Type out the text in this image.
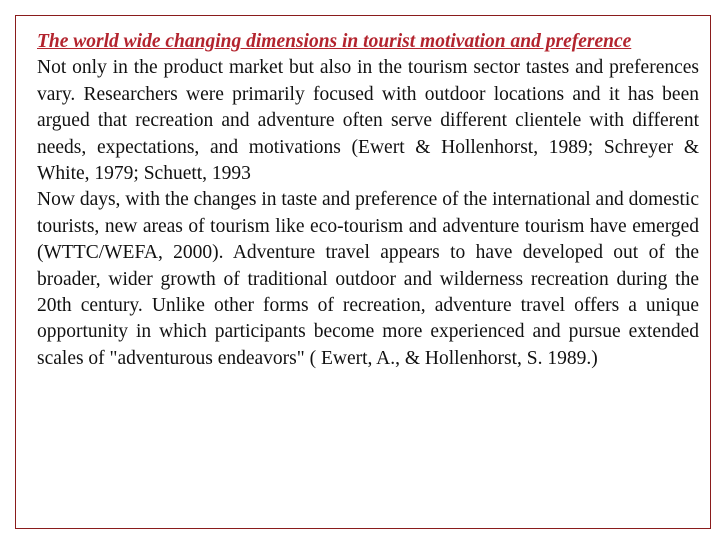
The world wide changing dimensions in tourist motivation and preference

Not only in the product market but also in the tourism sector tastes and preferences vary. Researchers were primarily focused with outdoor locations and it has been argued that recreation and adventure often serve different clientele with different needs, expectations, and motivations (Ewert & Hollenhorst, 1989; Schreyer & White, 1979; Schuett, 1993

Now days, with the changes in taste and preference of the international and domestic tourists, new areas of tourism like eco-tourism and adventure tourism have emerged (WTTC/WEFA, 2000). Adventure travel appears to have developed out of the broader, wider growth of traditional outdoor and wilderness recreation during the 20th century. Unlike other forms of recreation, adventure travel offers a unique opportunity in which participants become more experienced and pursue extended scales of "adventurous endeavors" ( Ewert, A., & Hollenhorst, S. 1989.)
